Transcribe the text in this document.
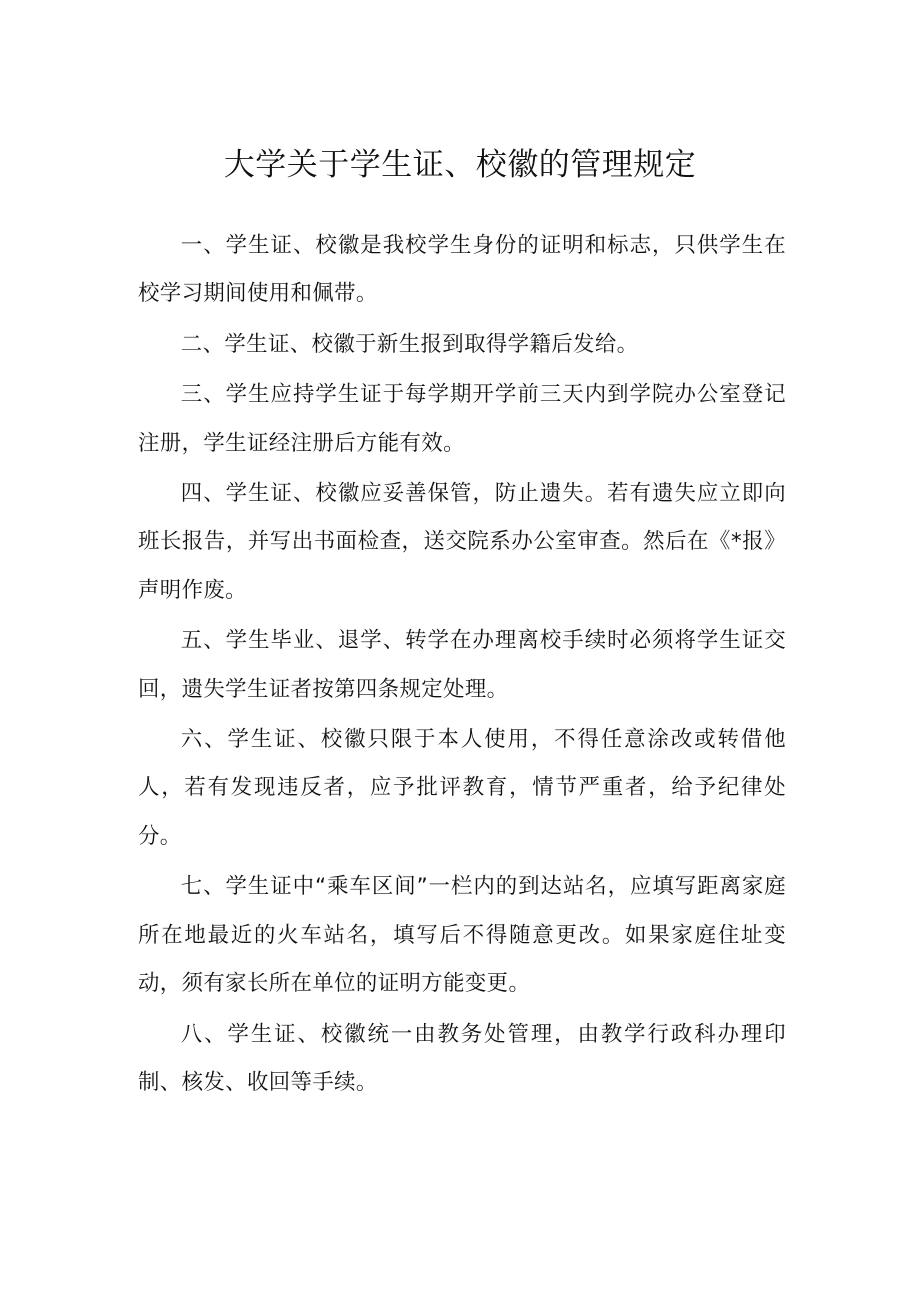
大学关于学生证、校徽的管理规定

一、学生证、校徽是我校学生身份的证明和标志，只供学生在校学习期间使用和佩带。

二、学生证、校徽于新生报到取得学籍后发给。

三、学生应持学生证于每学期开学前三天内到学院办公室登记注册，学生证经注册后方能有效。

四、学生证、校徽应妥善保管，防止遗失。若有遗失应立即向班长报告，并写出书面检查，送交院系办公室审查。然后在《*报》声明作废。

五、学生毕业、退学、转学在办理离校手续时必须将学生证交回，遗失学生证者按第四条规定处理。

六、学生证、校徽只限于本人使用，不得任意涂改或转借他人，若有发现违反者，应予批评教育，情节严重者，给予纪律处分。

七、学生证中“乘车区间”一栏内的到达站名，应填写距离家庭所在地最近的火车站名，填写后不得随意更改。如果家庭住址变动，须有家长所在单位的证明方能变更。

八、学生证、校徽统一由教务处管理，由教学行政科办理印制、核发、收回等手续。
